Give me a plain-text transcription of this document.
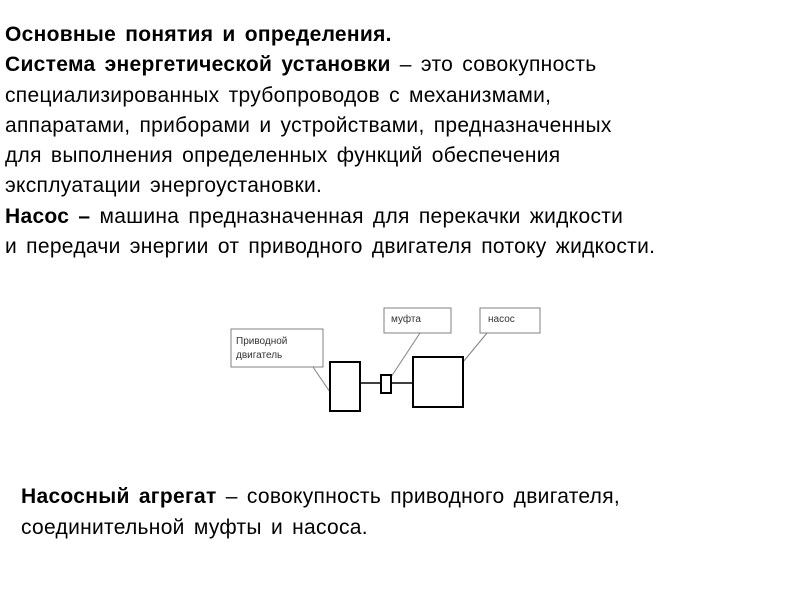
Основные понятия и определения.

Система энергетической установки – это совокупность

специализированных трубопроводов с механизмами,

аппаратами, приборами и устройствами, предназначенных

для выполнения определенных функций обеспечения

эксплуатации энергоустановки.

Насос – машина предназначенная для перекачки жидкости

и передачи энергии от приводного двигателя потоку жидкости.

Приводной
двигатель
муфта	насос

Насосный агрегат – совокупность приводного двигателя,

соединительной муфты и насоса.
